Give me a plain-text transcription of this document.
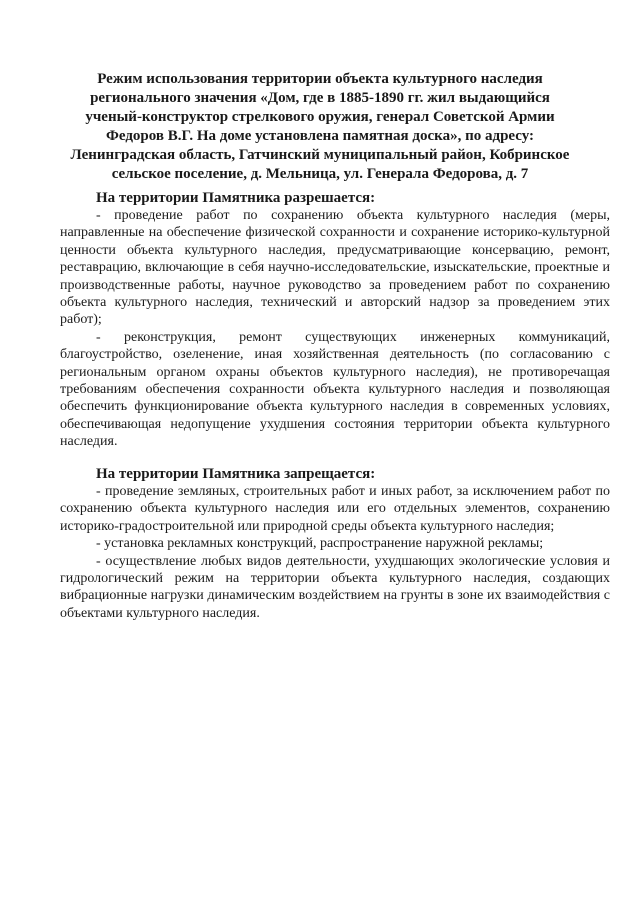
Режим использования территории объекта культурного наследия регионального значения «Дом, где в 1885-1890 гг. жил выдающийся ученый-конструктор стрелкового оружия, генерал Советской Армии Федоров В.Г. На доме установлена памятная доска», по адресу: Ленинградская область, Гатчинский муниципальный район, Кобринское сельское поселение, д. Мельница, ул. Генерала Федорова, д. 7

На территории Памятника разрешается:

- проведение работ по сохранению объекта культурного наследия (меры, направленные на обеспечение физической сохранности и сохранение историко-культурной ценности объекта культурного наследия, предусматривающие консервацию, ремонт, реставрацию, включающие в себя научно-исследовательские, изыскательские, проектные и производственные работы, научное руководство за проведением работ по сохранению объекта культурного наследия, технический и авторский надзор за проведением этих работ);

- реконструкция, ремонт существующих инженерных коммуникаций, благоустройство, озеленение, иная хозяйственная деятельность (по согласованию с региональным органом охраны объектов культурного наследия), не противоречащая требованиям обеспечения сохранности объекта культурного наследия и позволяющая обеспечить функционирование объекта культурного наследия в современных условиях, обеспечивающая недопущение ухудшения состояния территории объекта культурного наследия.

На территории Памятника запрещается:

- проведение земляных, строительных работ и иных работ, за исключением работ по сохранению объекта культурного наследия или его отдельных элементов, сохранению историко-градостроительной или природной среды объекта культурного наследия;

- установка рекламных конструкций, распространение наружной рекламы;

- осуществление любых видов деятельности, ухудшающих экологические условия и гидрологический режим на территории объекта культурного наследия, создающих вибрационные нагрузки динамическим воздействием на грунты в зоне их взаимодействия с объектами культурного наследия.
